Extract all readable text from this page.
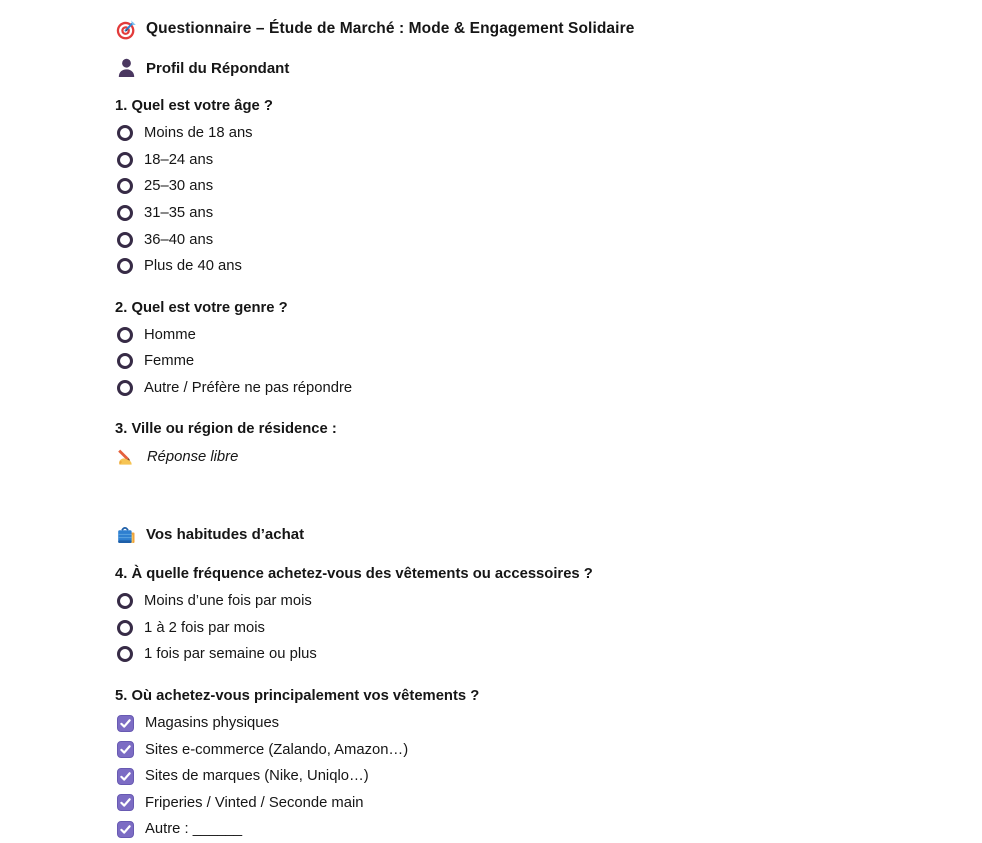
Questionnaire – Étude de Marché : Mode & Engagement Solidaire
Profil du Répondant
1. Quel est votre âge ?
Moins de 18 ans
18–24 ans
25–30 ans
31–35 ans
36–40 ans
Plus de 40 ans
2. Quel est votre genre ?
Homme
Femme
Autre / Préfère ne pas répondre
3. Ville ou région de résidence :
Réponse libre
Vos habitudes d’achat
4. À quelle fréquence achetez-vous des vêtements ou accessoires ?
Moins d’une fois par mois
1 à 2 fois par mois
1 fois par semaine ou plus
5. Où achetez-vous principalement vos vêtements ?
Magasins physiques
Sites e-commerce (Zalando, Amazon…)
Sites de marques (Nike, Uniqlo…)
Friperies / Vinted / Seconde main
Autre : ______
